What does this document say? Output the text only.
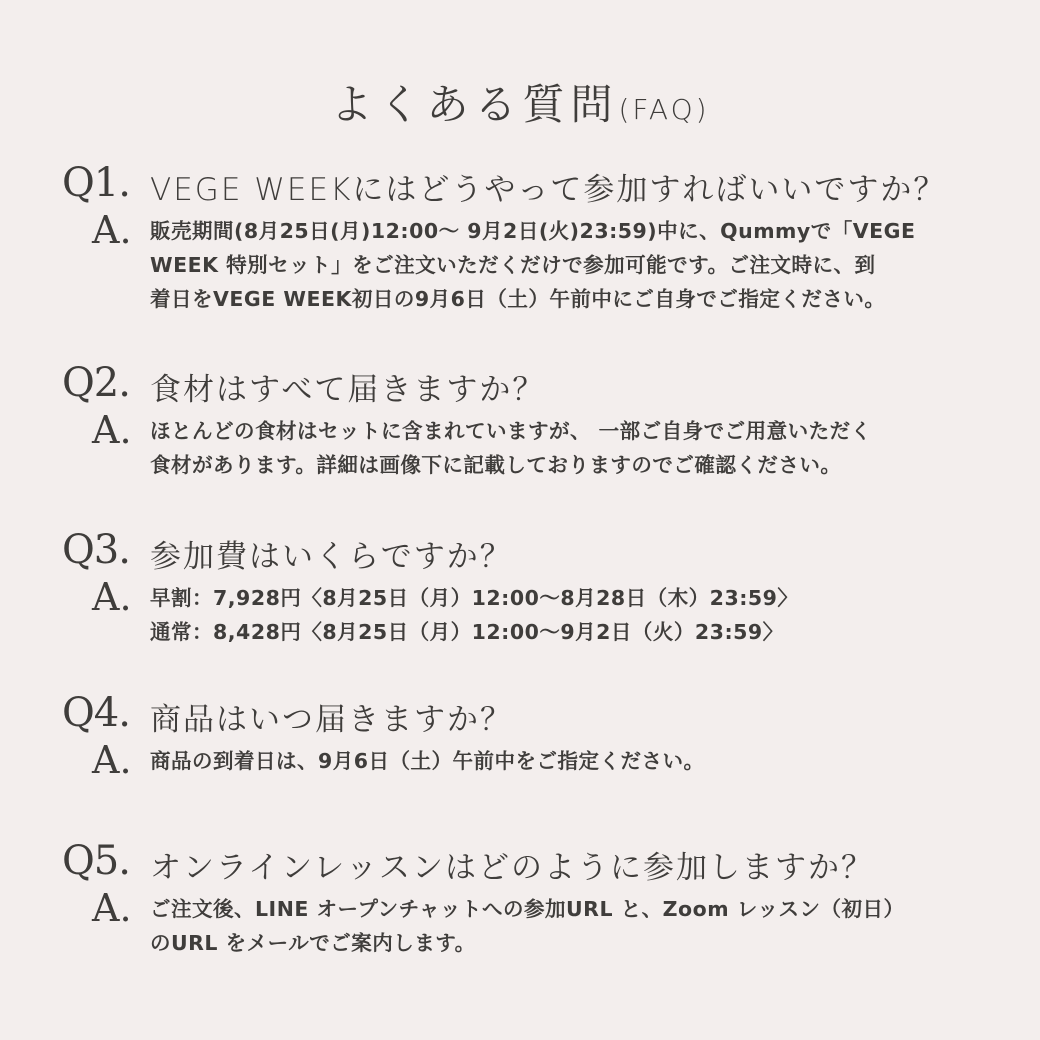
よくある質問(FAQ)
Q1. VEGE WEEKにはどうやって参加すればいいですか？
A. 販売期間(8月25日(月)12:00～ 9月2日(火)23:59)中に、Qummyで「VEGE
WEEK 特別セット」をご注文いただくだけで参加可能です。ご注文時に、到
着日をVEGE WEEK初日の9月6日（土）午前中にご自身でご指定ください。
Q2. 食材はすべて届きますか？
A. ほとんどの食材はセットに含まれていますが、 一部ご自身でご用意いただく
食材があります。詳細は画像下に記載しておりますのでご確認ください。
Q3. 参加費はいくらですか？
A. 早割：7,928円〈8月25日（月）12:00～8月28日（木）23:59〉
通常：8,428円〈8月25日（月）12:00～9月2日（火）23:59〉
Q4. 商品はいつ届きますか？
A. 商品の到着日は、9月6日（土）午前中をご指定ください。
Q5. オンラインレッスンはどのように参加しますか？
A. ご注文後、LINE オープンチャットへの参加URL と、Zoom レッスン（初日）
のURL をメールでご案内します。
